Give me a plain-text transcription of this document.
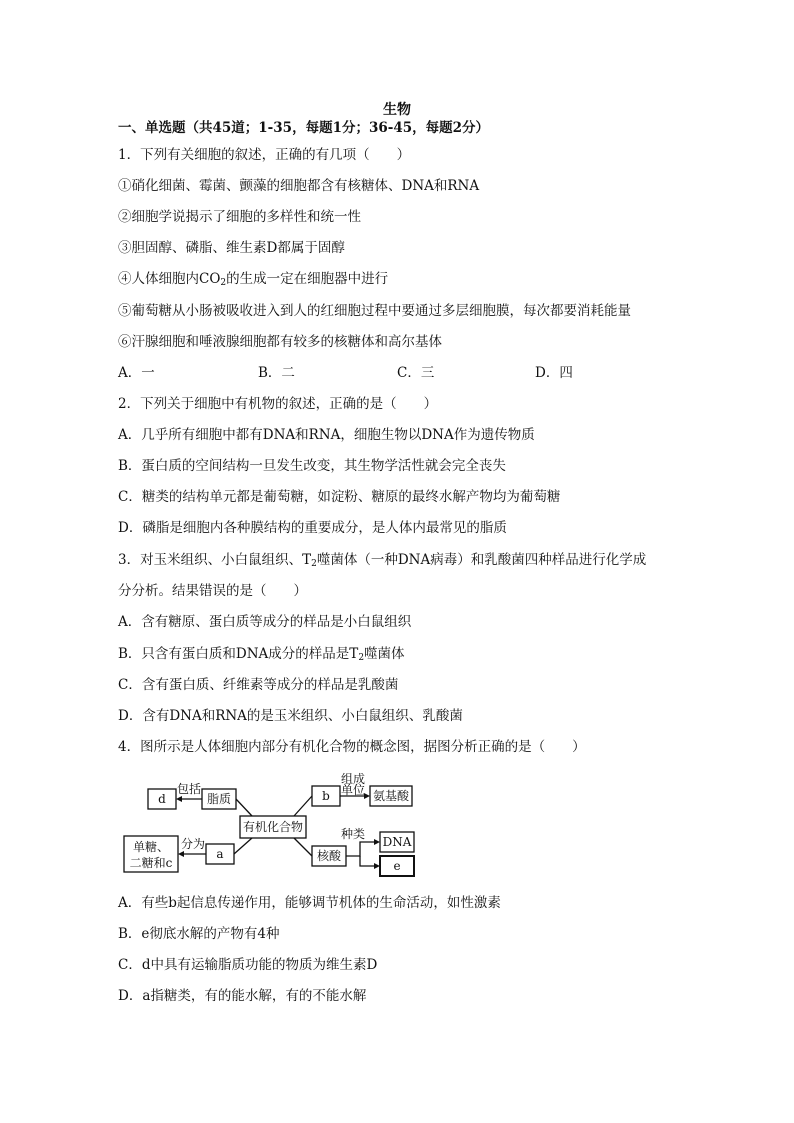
生物
一、单选题（共45道；1-35，每题1分；36-45，每题2分）
1．下列有关细胞的叙述，正确的有几项（　　）
①硝化细菌、霉菌、颤藻的细胞都含有核糖体、DNA和RNA
②细胞学说揭示了细胞的多样性和统一性
③胆固醇、磷脂、维生素D都属于固醇
④人体细胞内$CO_2$的生成一定在细胞器中进行
⑤葡萄糖从小肠被吸收进入到人的红细胞过程中要通过多层细胞膜，每次都要消耗能量
⑥汗腺细胞和唾液腺细胞都有较多的核糖体和高尔基体
A．一	B．二	C．三	D．四
2．下列关于细胞中有机物的叙述，正确的是（　　）
A．几乎所有细胞中都有DNA和RNA，细胞生物以DNA作为遗传物质
B．蛋白质的空间结构一旦发生改变，其生物学活性就会完全丧失
C．糖类的结构单元都是葡萄糖，如淀粉、糖原的最终水解产物均为葡萄糖
D．磷脂是细胞内各种膜结构的重要成分，是人体内最常见的脂质
3．对玉米组织、小白鼠组织、$T_2$噬菌体（一种DNA病毒）和乳酸菌四种样品进行化学成
分分析。结果错误的是（　　）
A．含有糖原、蛋白质等成分的样品是小白鼠组织
B．只含有蛋白质和DNA成分的样品是$T_2$噬菌体
C．含有蛋白质、纤维素等成分的样品是乳酸菌
D．含有DNA和RNA的是玉米组织、小白鼠组织、乳酸菌
4．图所示是人体细胞内部分有机化合物的概念图，据图分析正确的是（　　）
有机化合物
脂质
d
包括	b
组成
单位 氨基酸
a
分为
单糖、
二糖和c	核酸
种类
DNA
e
A．有些b起信息传递作用，能够调节机体的生命活动，如性激素
B．e彻底水解的产物有4种
C．d中具有运输脂质功能的物质为维生素D
D．a指糖类，有的能水解，有的不能水解
